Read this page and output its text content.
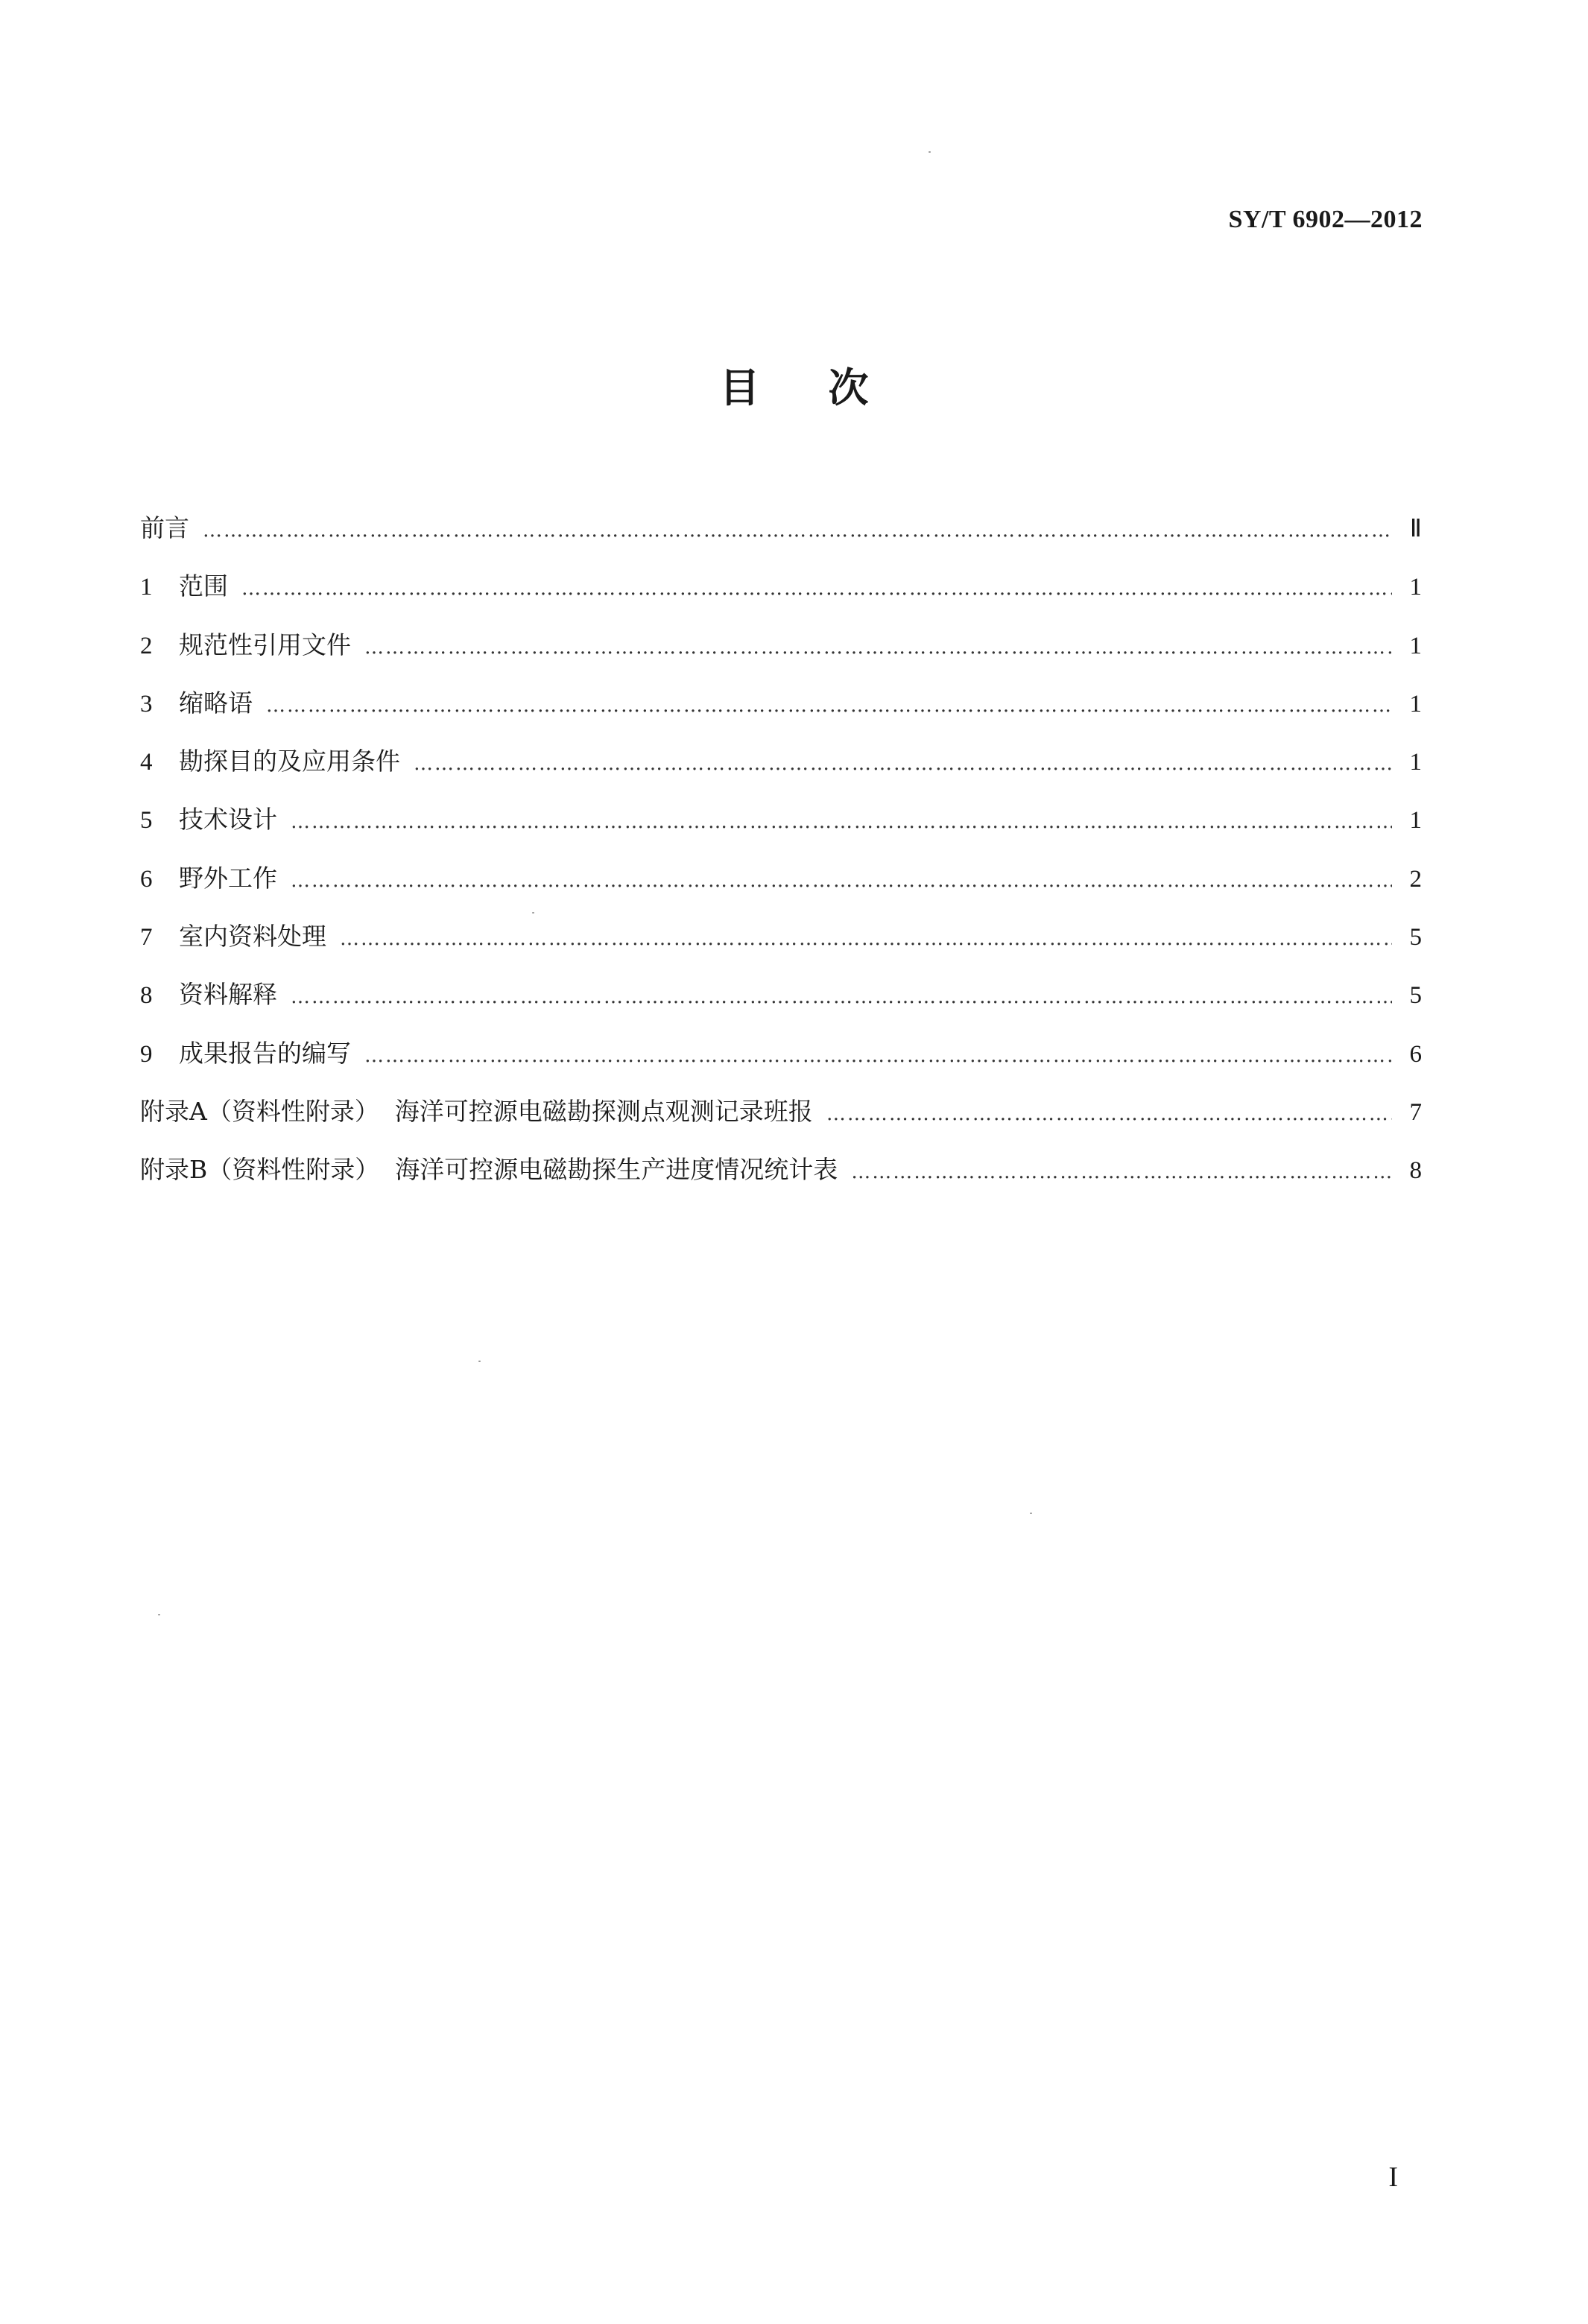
SY/T 6902—2012
目 次
前言 …………………………………………………………………………………………………………………………………………………………………………………………………………	Ⅱ
1	范围 …………………………………………………………………………………………………………………………………………………………………………………………………………	1
2	规范性引用文件 …………………………………………………………………………………………………………………………………………………………………………………………………………	1
3	缩略语 …………………………………………………………………………………………………………………………………………………………………………………………………………	1
4	勘探目的及应用条件 …………………………………………………………………………………………………………………………………………………………………………………………………………	1
5	技术设计 …………………………………………………………………………………………………………………………………………………………………………………………………………	1
6	野外工作 …………………………………………………………………………………………………………………………………………………………………………………………………………	2
7	室内资料处理 …………………………………………………………………………………………………………………………………………………………………………………………………………	5
8	资料解释 …………………………………………………………………………………………………………………………………………………………………………………………………………	5
9	成果报告的编写 …………………………………………………………………………………………………………………………………………………………………………………………………………	6
附录A（资料性附录）  海洋可控源电磁勘探测点观测记录班报 …………………………………………………………………………………………………………………………………………………………………………………………………………	7
附录B（资料性附录）  海洋可控源电磁勘探生产进度情况统计表 …………………………………………………………………………………………………………………………………………………………………………………………………………	8
I
